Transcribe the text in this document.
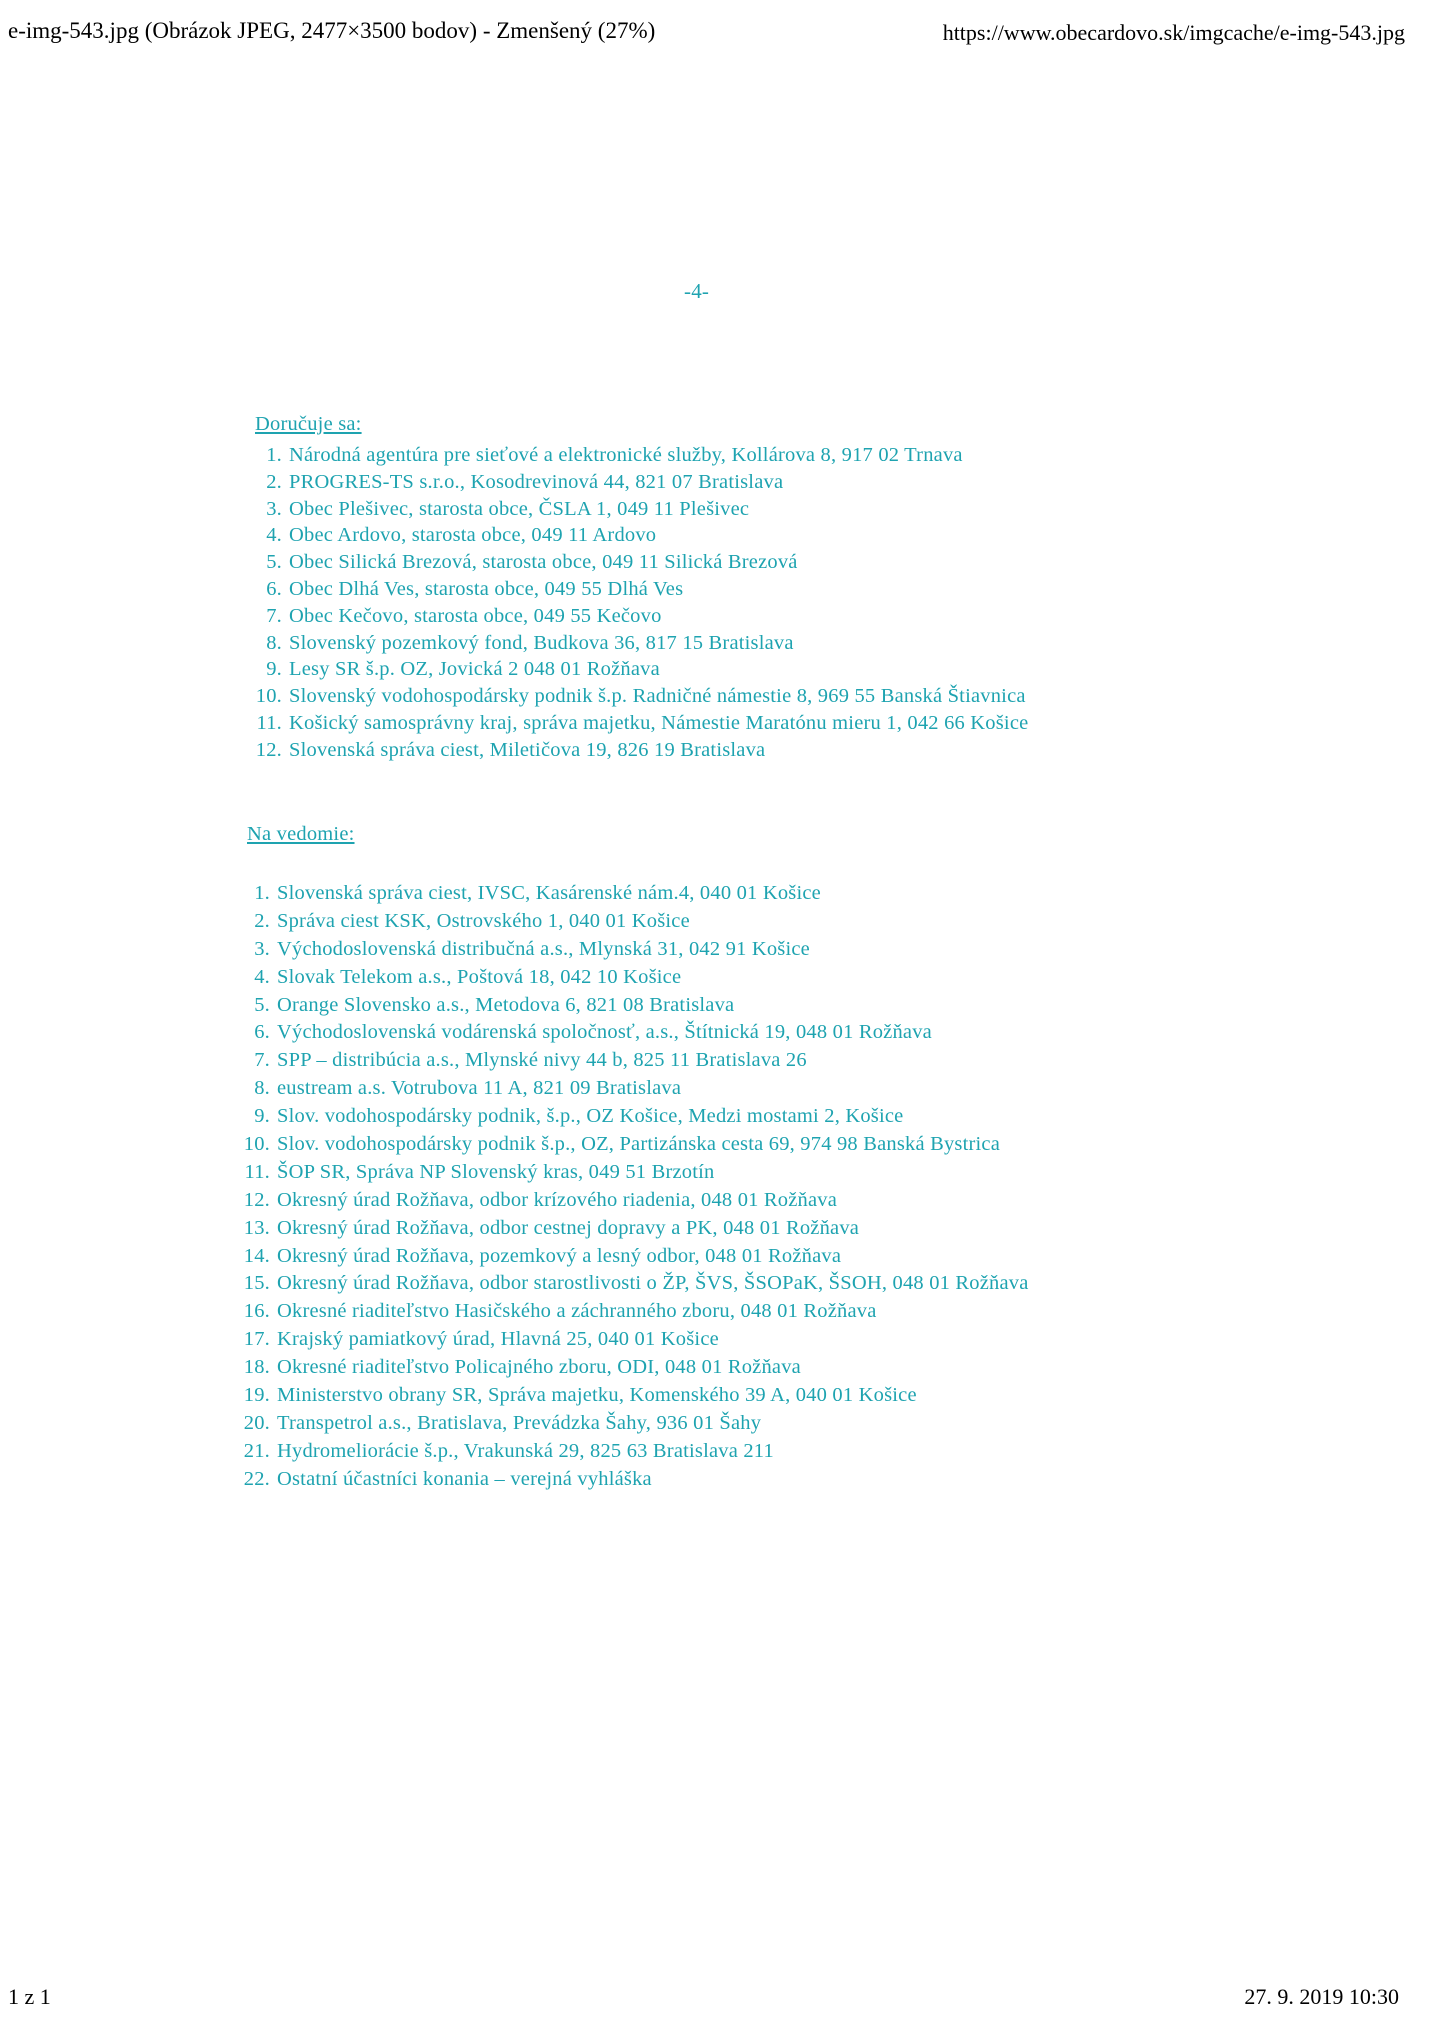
e-img-543.jpg (Obrázok JPEG, 2477×3500 bodov) - Zmenšený (27%)	https://www.obecardovo.sk/imgcache/e-img-543.jpg
-4-
Doručuje sa:
1. Národná agentúra pre sieťové a elektronické služby, Kollárova 8, 917 02 Trnava
2. PROGRES-TS s.r.o., Kosodrevinová 44, 821 07 Bratislava
3. Obec Plešivec, starosta obce, ČSLA 1, 049 11 Plešivec
4. Obec Ardovo, starosta obce, 049 11 Ardovo
5. Obec Silická Brezová, starosta obce, 049 11 Silická Brezová
6. Obec Dlhá Ves, starosta obce, 049 55 Dlhá Ves
7. Obec Kečovo, starosta obce, 049 55 Kečovo
8. Slovenský pozemkový fond, Budkova 36, 817 15 Bratislava
9. Lesy SR š.p. OZ, Jovická 2 048 01 Rožňava
10. Slovenský vodohospodársky podnik š.p. Radničné námestie 8, 969 55 Banská Štiavnica
11. Košický samosprávny kraj, správa majetku, Námestie Maratónu mieru 1, 042 66 Košice
12. Slovenská správa ciest, Miletičova 19, 826 19 Bratislava
Na vedomie:
1. Slovenská správa ciest, IVSC, Kasárenské nám.4, 040 01 Košice
2. Správa ciest KSK, Ostrovského 1, 040 01 Košice
3. Východoslovenská distribučná a.s., Mlynská 31, 042 91 Košice
4. Slovak Telekom a.s., Poštová 18, 042 10 Košice
5. Orange Slovensko a.s., Metodova 6, 821 08 Bratislava
6. Východoslovenská vodárenská spoločnosť, a.s., Štítnická 19, 048 01 Rožňava
7. SPP – distribúcia a.s., Mlynské nivy 44 b, 825 11 Bratislava 26
8. eustream a.s. Votrubova 11 A, 821 09 Bratislava
9. Slov. vodohospodársky podnik, š.p., OZ Košice, Medzi mostami 2, Košice
10. Slov. vodohospodársky podnik š.p., OZ, Partizánska cesta 69, 974 98 Banská Bystrica
11. ŠOP SR, Správa NP Slovenský kras, 049 51 Brzotín
12. Okresný úrad Rožňava, odbor krízového riadenia, 048 01 Rožňava
13. Okresný úrad Rožňava, odbor cestnej dopravy a PK, 048 01 Rožňava
14. Okresný úrad Rožňava, pozemkový a lesný odbor, 048 01 Rožňava
15. Okresný úrad Rožňava, odbor starostlivosti o ŽP, ŠVS, ŠSOPaK, ŠSOH, 048 01 Rožňava
16. Okresné riaditeľstvo Hasičského a záchranného zboru, 048 01 Rožňava
17. Krajský pamiatkový úrad, Hlavná 25, 040 01 Košice
18. Okresné riaditeľstvo Policajného zboru, ODI, 048 01 Rožňava
19. Ministerstvo obrany SR, Správa majetku, Komenského 39 A, 040 01 Košice
20. Transpetrol a.s., Bratislava, Prevádzka Šahy, 936 01 Šahy
21. Hydromeliorácie š.p., Vrakunská 29, 825 63 Bratislava 211
22. Ostatní účastníci konania – verejná vyhláška
1 z 1	27. 9. 2019 10:30
